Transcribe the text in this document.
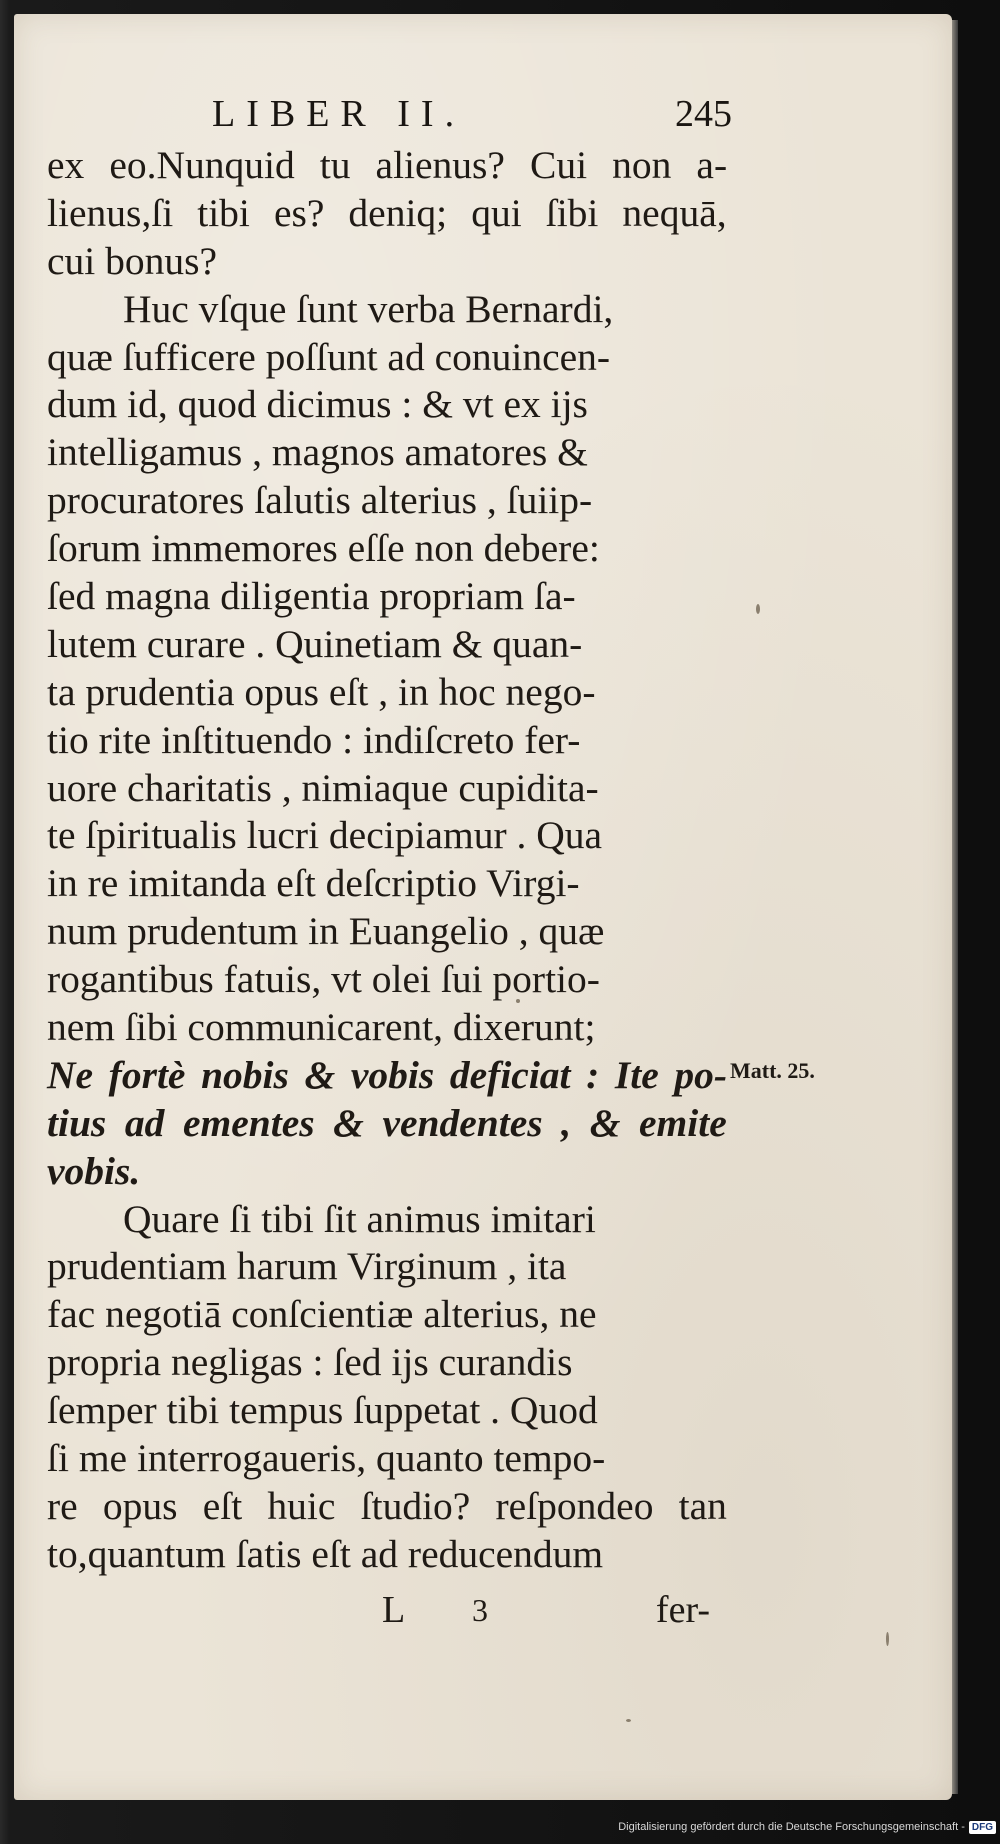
LIBER II.	245
ex eo.Nunquid tu alienus? Cui non a-
lienus,ſi tibi es? deniq; qui ſibi nequā,
cui bonus?
Huc vſque ſunt verba Bernardi,
quæ ſufficere poſſunt ad conuincen-
dum id, quod dicimus : & vt ex ijs
intelligamus , magnos amatores &
procuratores ſalutis alterius , ſuiip-
ſorum immemores eſſe non debere:
ſed magna diligentia propriam ſa-
lutem curare . Quinetiam & quan-
ta prudentia opus eſt , in hoc nego-
tio rite inſtituendo : indiſcreto fer-
uore charitatis , nimiaque cupidita-
te ſpiritualis lucri decipiamur . Qua
in re imitanda eſt deſcriptio Virgi-
num prudentum in Euangelio , quæ
rogantibus fatuis, vt olei ſui portio-
nem ſibi communicarent, dixerunt;
Ne fortè nobis & vobis deficiat : Ite po-
tius ad ementes & vendentes , & emite
vobis.
Quare ſi tibi ſit animus imitari
prudentiam harum Virginum , ita
fac negotiā conſcientiæ alterius, ne
propria negligas : ſed ijs curandis
ſemper tibi tempus ſuppetat . Quod
ſi me interrogaueris, quanto tempo-
re opus eſt huic ſtudio? reſpondeo tan
to,quantum ſatis eſt ad reducendum
Matt. 25.
L 3	fer-
Digitalisierung gefördert durch die Deutsche Forschungsgemeinschaft - DFG
